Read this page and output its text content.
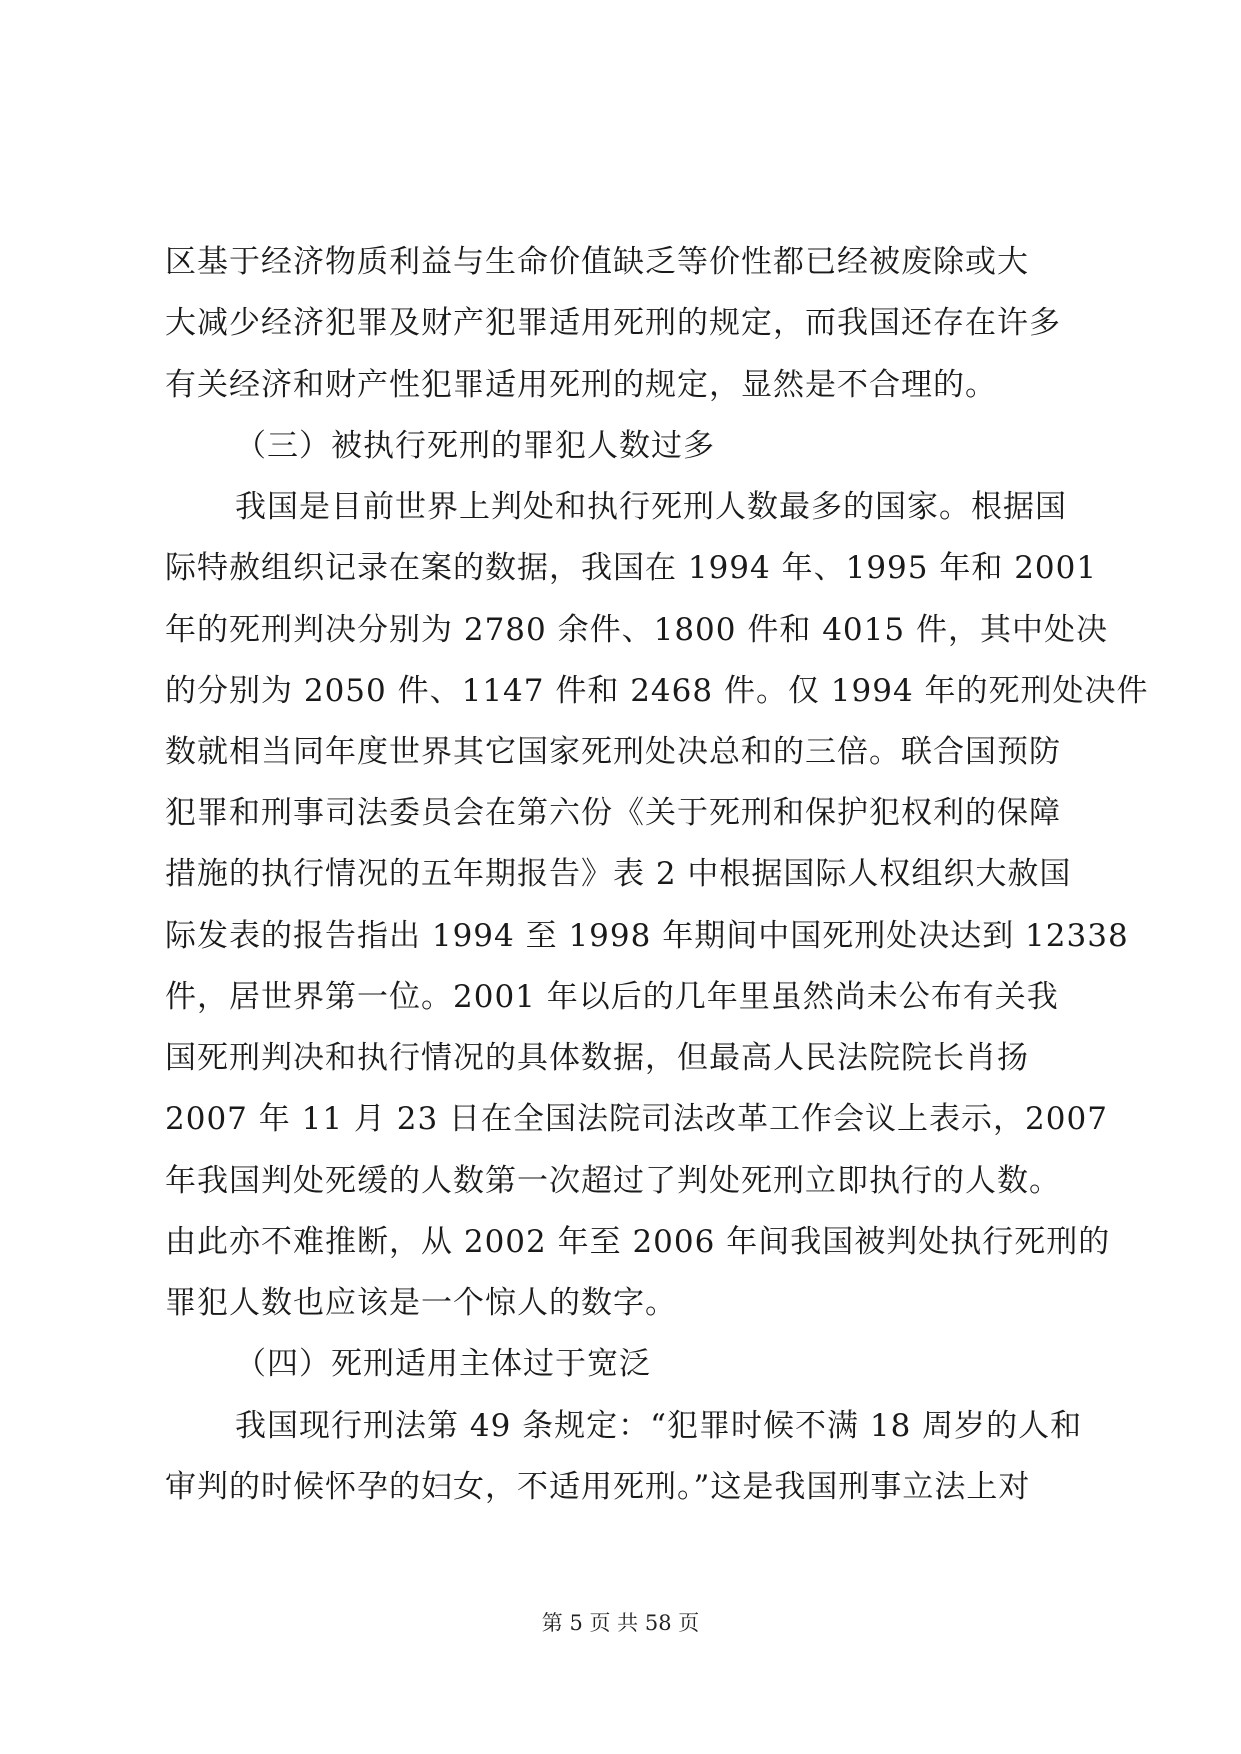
区基于经济物质利益与生命价值缺乏等价性都已经被废除或大
大减少经济犯罪及财产犯罪适用死刑的规定，而我国还存在许多
有关经济和财产性犯罪适用死刑的规定，显然是不合理的。
（三）被执行死刑的罪犯人数过多
我国是目前世界上判处和执行死刑人数最多的国家。根据国
际特赦组织记录在案的数据，我国在 1994 年、1995 年和 2001
年的死刑判决分别为 2780 余件、1800 件和 4015 件，其中处决
的分别为 2050 件、1147 件和 2468 件。仅 1994 年的死刑处决件
数就相当同年度世界其它国家死刑处决总和的三倍。联合国预防
犯罪和刑事司法委员会在第六份《关于死刑和保护犯权利的保障
措施的执行情况的五年期报告》表 2 中根据国际人权组织大赦国
际发表的报告指出 1994 至 1998 年期间中国死刑处决达到 12338
件，居世界第一位。2001 年以后的几年里虽然尚未公布有关我
国死刑判决和执行情况的具体数据，但最高人民法院院长肖扬
2007 年 11 月 23 日在全国法院司法改革工作会议上表示，2007
年我国判处死缓的人数第一次超过了判处死刑立即执行的人数。
由此亦不难推断，从 2002 年至 2006 年间我国被判处执行死刑的
罪犯人数也应该是一个惊人的数字。
（四）死刑适用主体过于宽泛
我国现行刑法第 49 条规定：“犯罪时候不满 18 周岁的人和
审判的时候怀孕的妇女，不适用死刑。”这是我国刑事立法上对
第 5 页 共 58 页
